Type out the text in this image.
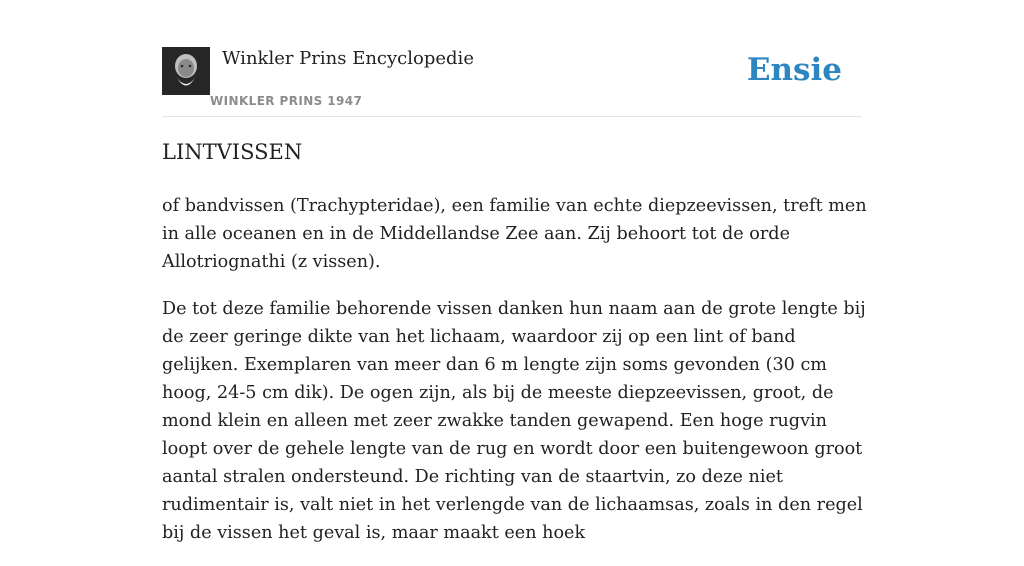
Winkler Prins Encyclopedie
WINKLER PRINS 1947
Ensie
LINTVISSEN

of bandvissen (Trachypteridae), een familie van echte diepzeevissen, treft men in alle oceanen en in de Middellandse Zee aan. Zij behoort tot de orde Allotriognathi (z vissen).

De tot deze familie behorende vissen danken hun naam aan de grote lengte bij de zeer geringe dikte van het lichaam, waardoor zij op een lint of band gelijken. Exemplaren van meer dan 6 m lengte zijn soms gevonden (30 cm hoog, 24-5 cm dik). De ogen zijn, als bij de meeste diepzeevissen, groot, de mond klein en alleen met zeer zwakke tanden gewapend. Een hoge rugvin loopt over de gehele lengte van de rug en wordt door een buitengewoon groot aantal stralen ondersteund. De richting van de staartvin, zo deze niet rudimentair is, valt niet in het verlengde van de lichaamsas, zoals in den regel bij de vissen het geval is, maar maakt een hoek
